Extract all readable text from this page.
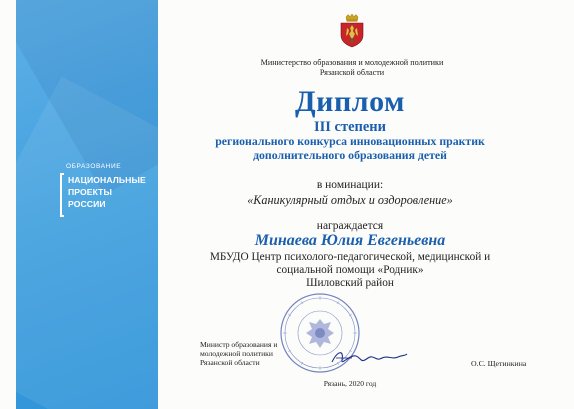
ОБРАЗОВАНИЕ
НАЦИОНАЛЬНЫЕ
ПРОЕКТЫ
РОССИИ
Министерство образования и молодежной политики
Рязанской области
Диплом
III степени
регионального конкурса инновационных практик
дополнительного образования детей
в номинации:
«Каникулярный отдых и оздоровление»
награждается
Минаева Юлия Евгеньевна
МБУДО Центр психолого-педагогической, медицинской и
социальной помощи «Родник»
Шиловский район
Министр образования и
молодежной политики
Рязанской области	О.С. Щетинкина
Рязань, 2020 год
